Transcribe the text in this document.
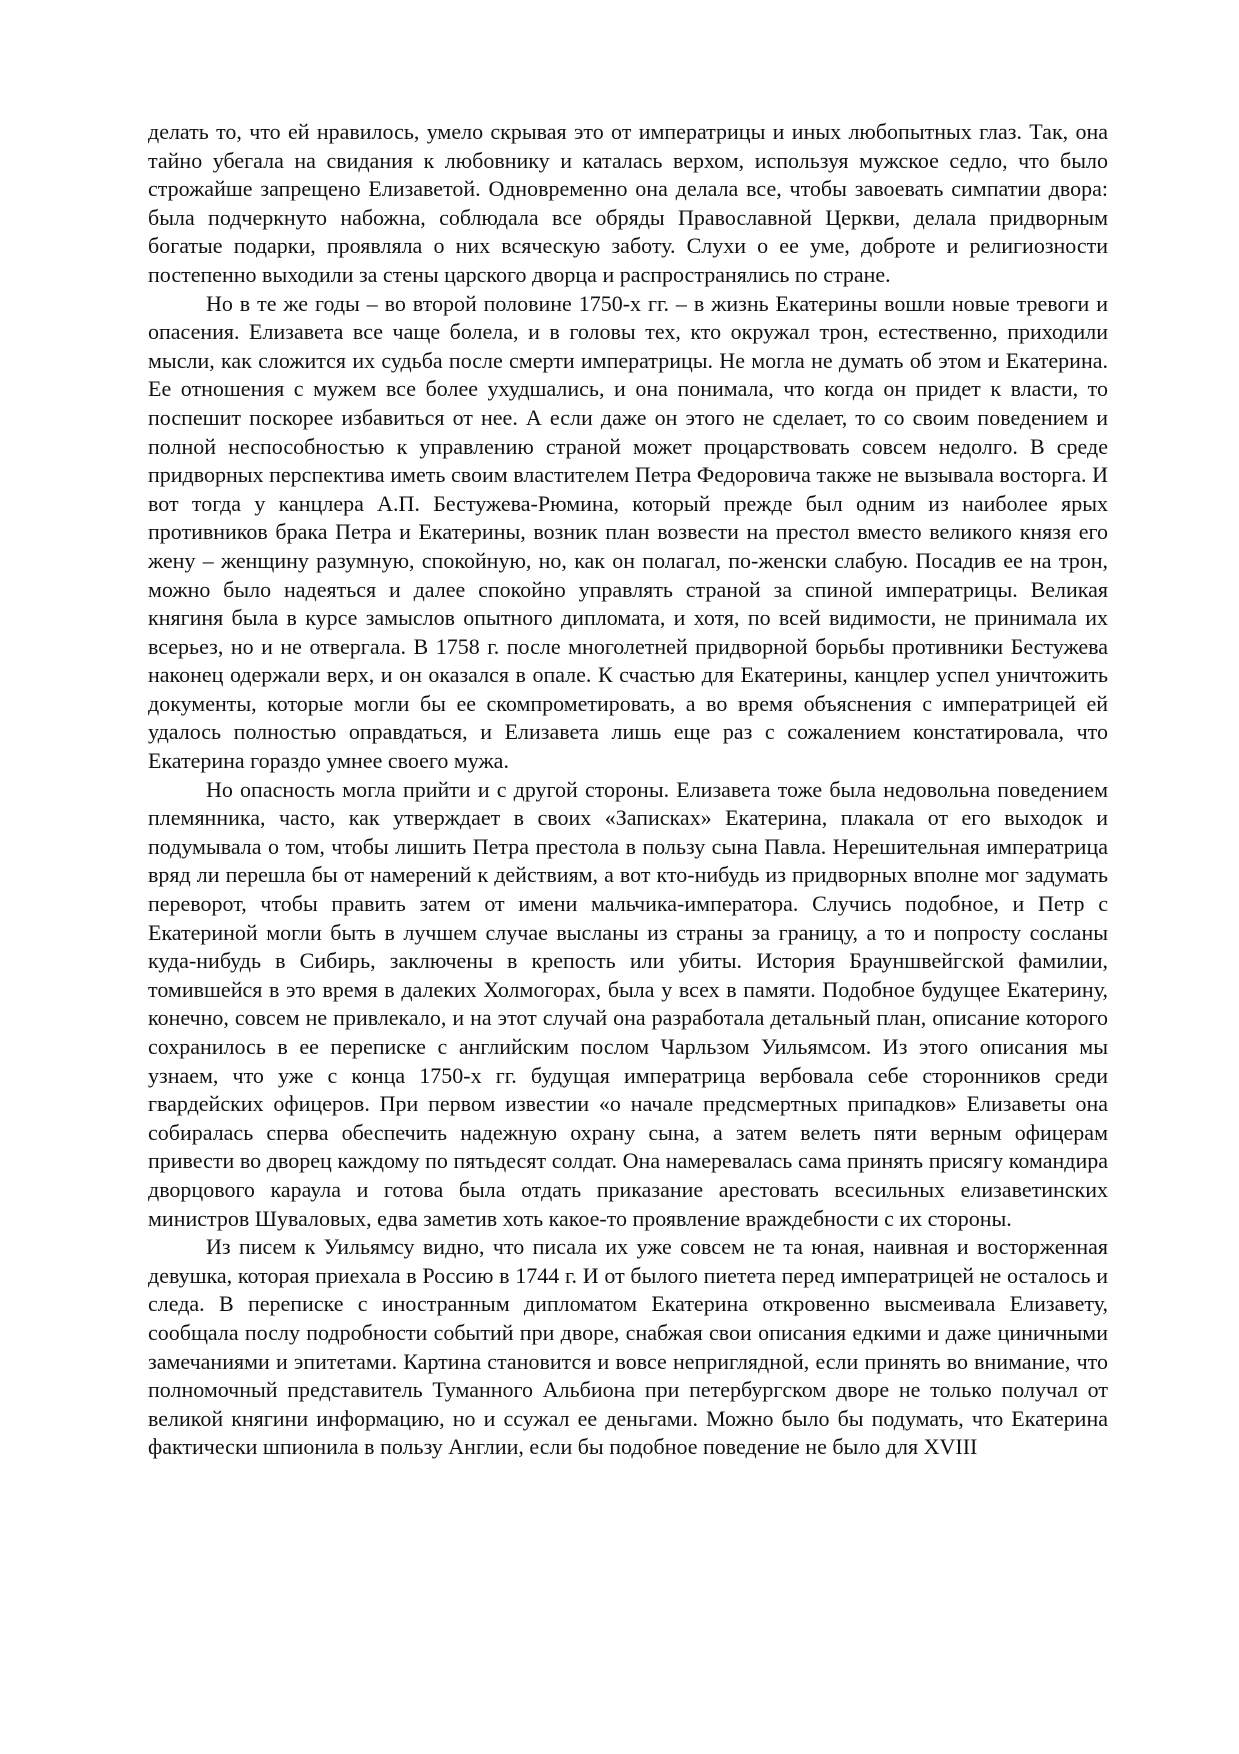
делать то, что ей нравилось, умело скрывая это от императрицы и иных любопытных глаз. Так, она тайно убегала на свидания к любовнику и каталась верхом, используя мужское седло, что было строжайше запрещено Елизаветой. Одновременно она делала все, чтобы завоевать симпатии двора: была подчеркнуто набожна, соблюдала все обряды Православной Церкви, делала придворным богатые подарки, проявляла о них всяческую заботу. Слухи о ее уме, доброте и религиозности постепенно выходили за стены царского дворца и распространялись по стране.

Но в те же годы – во второй половине 1750-х гг. – в жизнь Екатерины вошли новые тревоги и опасения. Елизавета все чаще болела, и в головы тех, кто окружал трон, естественно, приходили мысли, как сложится их судьба после смерти императрицы. Не могла не думать об этом и Екатерина. Ее отношения с мужем все более ухудшались, и она понимала, что когда он придет к власти, то поспешит поскорее избавиться от нее. А если даже он этого не сделает, то со своим поведением и полной неспособностью к управлению страной может процарствовать совсем недолго. В среде придворных перспектива иметь своим властителем Петра Федоровича также не вызывала восторга. И вот тогда у канцлера А.П. Бестужева-Рюмина, который прежде был одним из наиболее ярых противников брака Петра и Екатерины, возник план возвести на престол вместо великого князя его жену – женщину разумную, спокойную, но, как он полагал, по-женски слабую. Посадив ее на трон, можно было надеяться и далее спокойно управлять страной за спиной императрицы. Великая княгиня была в курсе замыслов опытного дипломата, и хотя, по всей видимости, не принимала их всерьез, но и не отвергала. В 1758 г. после многолетней придворной борьбы противники Бестужева наконец одержали верх, и он оказался в опале. К счастью для Екатерины, канцлер успел уничтожить документы, которые могли бы ее скомпрометировать, а во время объяснения с императрицей ей удалось полностью оправдаться, и Елизавета лишь еще раз с сожалением констатировала, что Екатерина гораздо умнее своего мужа.

Но опасность могла прийти и с другой стороны. Елизавета тоже была недовольна поведением племянника, часто, как утверждает в своих «Записках» Екатерина, плакала от его выходок и подумывала о том, чтобы лишить Петра престола в пользу сына Павла. Нерешительная императрица вряд ли перешла бы от намерений к действиям, а вот кто-нибудь из придворных вполне мог задумать переворот, чтобы править затем от имени мальчика-императора. Случись подобное, и Петр с Екатериной могли быть в лучшем случае высланы из страны за границу, а то и попросту сосланы куда-нибудь в Сибирь, заключены в крепость или убиты. История Брауншвейгской фамилии, томившейся в это время в далеких Холмогорах, была у всех в памяти. Подобное будущее Екатерину, конечно, совсем не привлекало, и на этот случай она разработала детальный план, описание которого сохранилось в ее переписке с английским послом Чарльзом Уильямсом. Из этого описания мы узнаем, что уже с конца 1750-х гг. будущая императрица вербовала себе сторонников среди гвардейских офицеров. При первом известии «о начале предсмертных припадков» Елизаветы она собиралась сперва обеспечить надежную охрану сына, а затем велеть пяти верным офицерам привести во дворец каждому по пятьдесят солдат. Она намеревалась сама принять присягу командира дворцового караула и готова была отдать приказание арестовать всесильных елизаветинских министров Шуваловых, едва заметив хоть какое-то проявление враждебности с их стороны.

Из писем к Уильямсу видно, что писала их уже совсем не та юная, наивная и восторженная девушка, которая приехала в Россию в 1744 г. И от былого пиетета перед императрицей не осталось и следа. В переписке с иностранным дипломатом Екатерина откровенно высмеивала Елизавету, сообщала послу подробности событий при дворе, снабжая свои описания едкими и даже циничными замечаниями и эпитетами. Картина становится и вовсе неприглядной, если принять во внимание, что полномочный представитель Туманного Альбиона при петербургском дворе не только получал от великой княгини информацию, но и ссужал ее деньгами. Можно было бы подумать, что Екатерина фактически шпионила в пользу Англии, если бы подобное поведение не было для XVIII
